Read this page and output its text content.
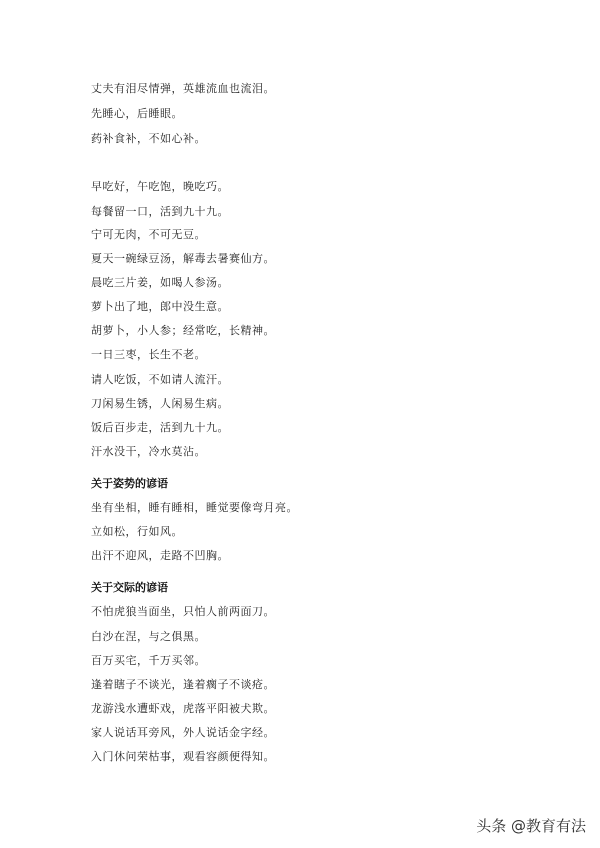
丈夫有泪尽情弹，英雄流血也流泪。
先睡心，后睡眼。
药补食补，不如心补。
早吃好，午吃饱，晚吃巧。
每餐留一口，活到九十九。
宁可无肉，不可无豆。
夏天一碗绿豆汤，解毒去暑赛仙方。
晨吃三片姜，如喝人参汤。
萝卜出了地，郎中没生意。
胡萝卜，小人参；经常吃，长精神。
一日三枣，长生不老。
请人吃饭，不如请人流汗。
刀闲易生锈，人闲易生病。
饭后百步走，活到九十九。
汗水没干，冷水莫沾。
关于姿势的谚语
坐有坐相，睡有睡相，睡觉要像弯月亮。
立如松，行如风。
出汗不迎风，走路不凹胸。
关于交际的谚语
不怕虎狼当面坐，只怕人前两面刀。
白沙在涅，与之俱黑。
百万买宅，千万买邻。
逢着瞎子不谈光，逢着瘸子不谈疮。
龙游浅水遭虾戏，虎落平阳被犬欺。
家人说话耳旁风，外人说话金字经。
入门休问荣枯事，观看容颜便得知。
头条 @教育有法
